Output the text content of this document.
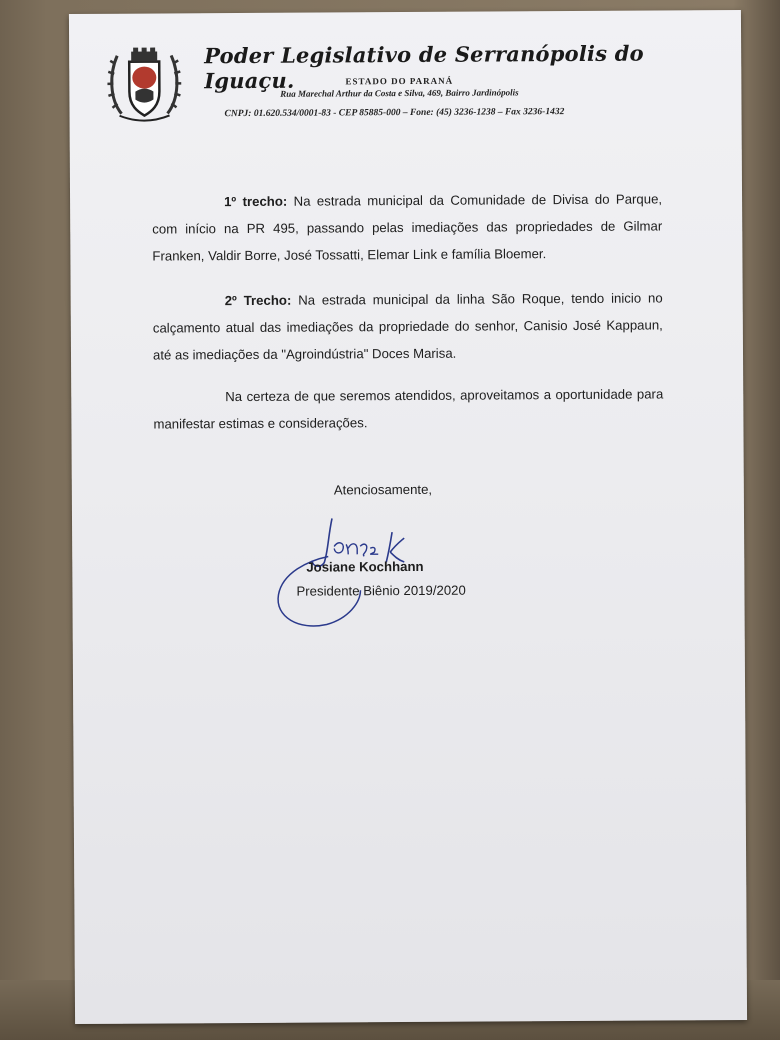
Poder Legislativo de Serranópolis do Iguaçu.	ESTADO DO PARANÁ
Rua Marechal Arthur da Costa e Silva, 469, Bairro Jardinópolis
CNPJ: 01.620.534/0001-83 - CEP 85885-000 – Fone: (45) 3236-1238 – Fax 3236-1432

1º trecho: Na estrada municipal da Comunidade de Divisa do Parque, com início na PR 495, passando pelas imediações das propriedades de Gilmar Franken, Valdir Borre, José Tossatti, Elemar Link e família Bloemer.

2º Trecho: Na estrada municipal da linha São Roque, tendo inicio no calçamento atual das imediações da propriedade do senhor, Canisio José Kappaun, até as imediações da "Agroindústria" Doces Marisa.

Na certeza de que seremos atendidos, aproveitamos a oportunidade para manifestar estimas e considerações.

Atenciosamente,
Josiane Kochhann
Presidente Biênio 2019/2020
